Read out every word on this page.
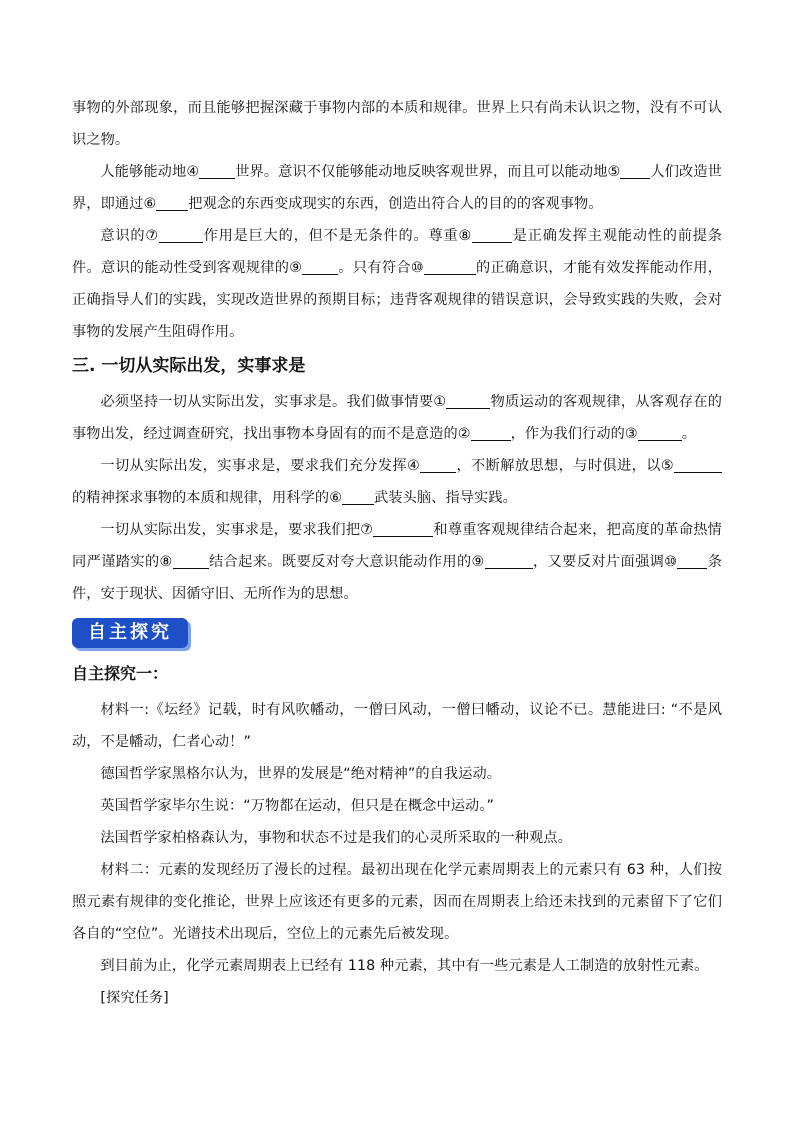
事物的外部现象，而且能够把握深藏于事物内部的本质和规律。世界上只有尚未认识之物，没有不可认识之物。

人能够能动地④	世界。意识不仅能够能动地反映客观世界，而且可以能动地⑤ 人们改造世界，即通过⑥ 把观念的东西变成现实的东西，创造出符合人的目的的客观事物。

意识的⑦	作用是巨大的，但不是无条件的。尊重⑧	是正确发挥主观能动性的前提条件。意识的能动性受到客观规律的⑨	。只有符合⑩	的正确意识，才能有效发挥能动作用，正确指导人们的实践，实现改造世界的预期目标；违背客观规律的错误意识，会导致实践的失败，会对事物的发展产生阻碍作用。

三. 一切从实际出发，实事求是

必须坚持一切从实际出发，实事求是。我们做事情要①	物质运动的客观规律，从客观存在的事物出发，经过调查研究，找出事物本身固有的而不是意造的②	，作为我们行动的③	。

一切从实际出发，实事求是，要求我们充分发挥④	，不断解放思想，与时俱进，以⑤的精神探求事物的本质和规律，用科学的⑥ 武装头脑、指导实践。

一切从实际出发，实事求是，要求我们把⑦	和尊重客观规律结合起来，把高度的革命热情同严谨踏实的⑧	结合起来。既要反对夸大意识能动作用的⑨	，又要反对片面强调⑩ 条件，安于现状、因循守旧、无所作为的思想。

自主探究
自主探究一：

材料一:《坛经》记载，时有风吹幡动，一僧曰风动，一僧曰幡动，议论不已。慧能进曰: “不是风动，不是幡动，仁者心动！”

德国哲学家黑格尔认为，世界的发展是“绝对精神”的自我运动。

英国哲学家毕尔生说：“万物都在运动，但只是在概念中运动。”

法国哲学家柏格森认为，事物和状态不过是我们的心灵所采取的一种观点。

材料二：元素的发现经历了漫长的过程。最初出现在化学元素周期表上的元素只有 63 种，人们按照元素有规律的变化推论，世界上应该还有更多的元素，因而在周期表上给还未找到的元素留下了它们各自的“空位”。光谱技术出现后，空位上的元素先后被发现。

到目前为止，化学元素周期表上已经有 118 种元素，其中有一些元素是人工制造的放射性元素。

[探究任务]
